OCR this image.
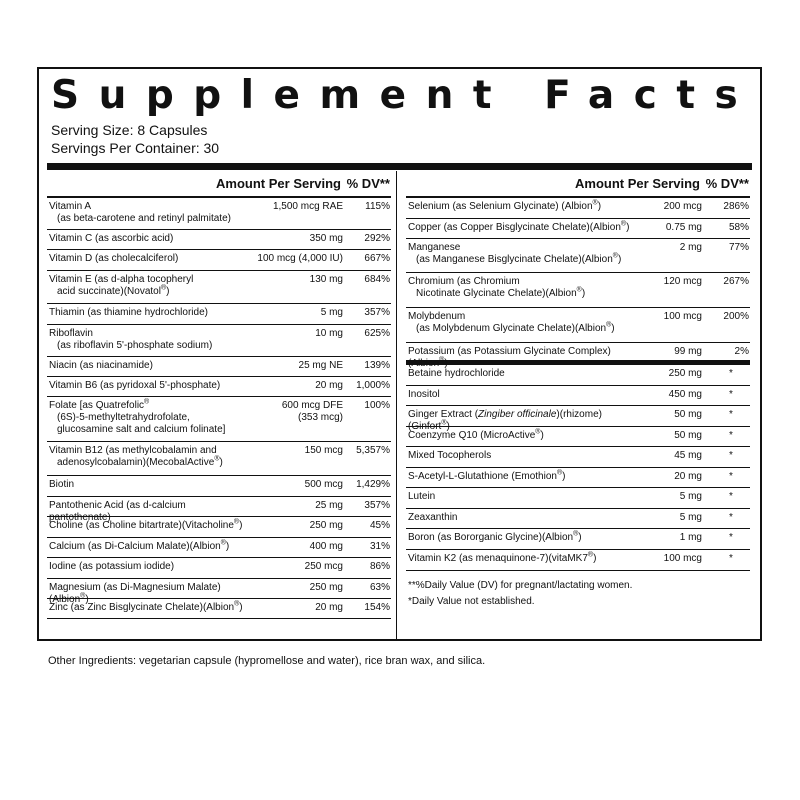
Supplement Facts
Serving Size: 8 Capsules
Servings Per Container: 30
Amount Per Serving % DV**
Vitamin A
(as beta-carotene and retinyl palmitate)
1,500 mcg RAE 115%
Vitamin C (as ascorbic acid)	350 mg 292%
Vitamin D (as cholecalciferol)	100 mcg (4,000 IU) 667%
Vitamin E (as d-alpha tocopheryl
acid succinate)(Novatol®)
130 mg 684%
Thiamin (as thiamine hydrochloride)	5 mg 357%
Riboflavin
(as riboflavin 5'-phosphate sodium)
10 mg 625%
Niacin (as niacinamide)	25 mg NE 139%
Vitamin B6 (as pyridoxal 5'-phosphate)	20 mg 1,000%
Folate [as Quatrefolic®
(6S)-5-methyltetrahydrofolate,
glucosamine salt and calcium folinate]
600 mcg DFE
(353 mcg)
100%
Vitamin B12 (as methylcobalamin and
adenosylcobalamin)(MecobalActive®)
150 mcg 5,357%
Biotin	500 mcg 1,429%
Pantothenic Acid (as d-calcium pantothenate)
25 mg 357%
Choline (as Choline bitartrate)(Vitacholine®)	250 mg	45%
Calcium (as Di-Calcium Malate)(Albion®)	400 mg	31%
Iodine (as potassium iodide)	250 mcg	86%
Magnesium (as Di-Magnesium Malate)(Albion®)
250 mg	63%
Zinc (as Zinc Bisglycinate Chelate)(Albion®)	20 mg 154%
Amount Per Serving % DV**
Selenium (as Selenium Glycinate) (Albion®)	200 mcg 286%
Copper (as Copper Bisglycinate Chelate)(Albion®)	0.75 mg	58%
Manganese
(as Manganese Bisglycinate Chelate)(Albion®)
2 mg	77%
Chromium (as Chromium
Nicotinate Glycinate Chelate)(Albion®)
120 mcg 267%
Molybdenum
(as Molybdenum Glycinate Chelate)(Albion®)
100 mcg 200%
Potassium (as Potassium Glycinate Complex)(Albion®)
99 mg	2%
Betaine hydrochloride	250 mg	*
Inositol	450 mg	*
Ginger Extract (Zingiber officinale)(rhizome)(Ginfort®)
50 mg	*
Coenzyme Q10 (MicroActive®)	50 mg	*
Mixed Tocopherols	45 mg	*
S-Acetyl-L-Glutathione (Emothion®)	20 mg	*
Lutein	5 mg	*
Zeaxanthin	5 mg	*
Boron (as Bororganic Glycine)(Albion®)	1 mg	*
Vitamin K2 (as menaquinone-7)(vitaMK7®)	100 mcg	*
**%Daily Value (DV) for pregnant/lactating women.
*Daily Value not established.
Other Ingredients: vegetarian capsule (hypromellose and water), rice bran wax, and silica.
